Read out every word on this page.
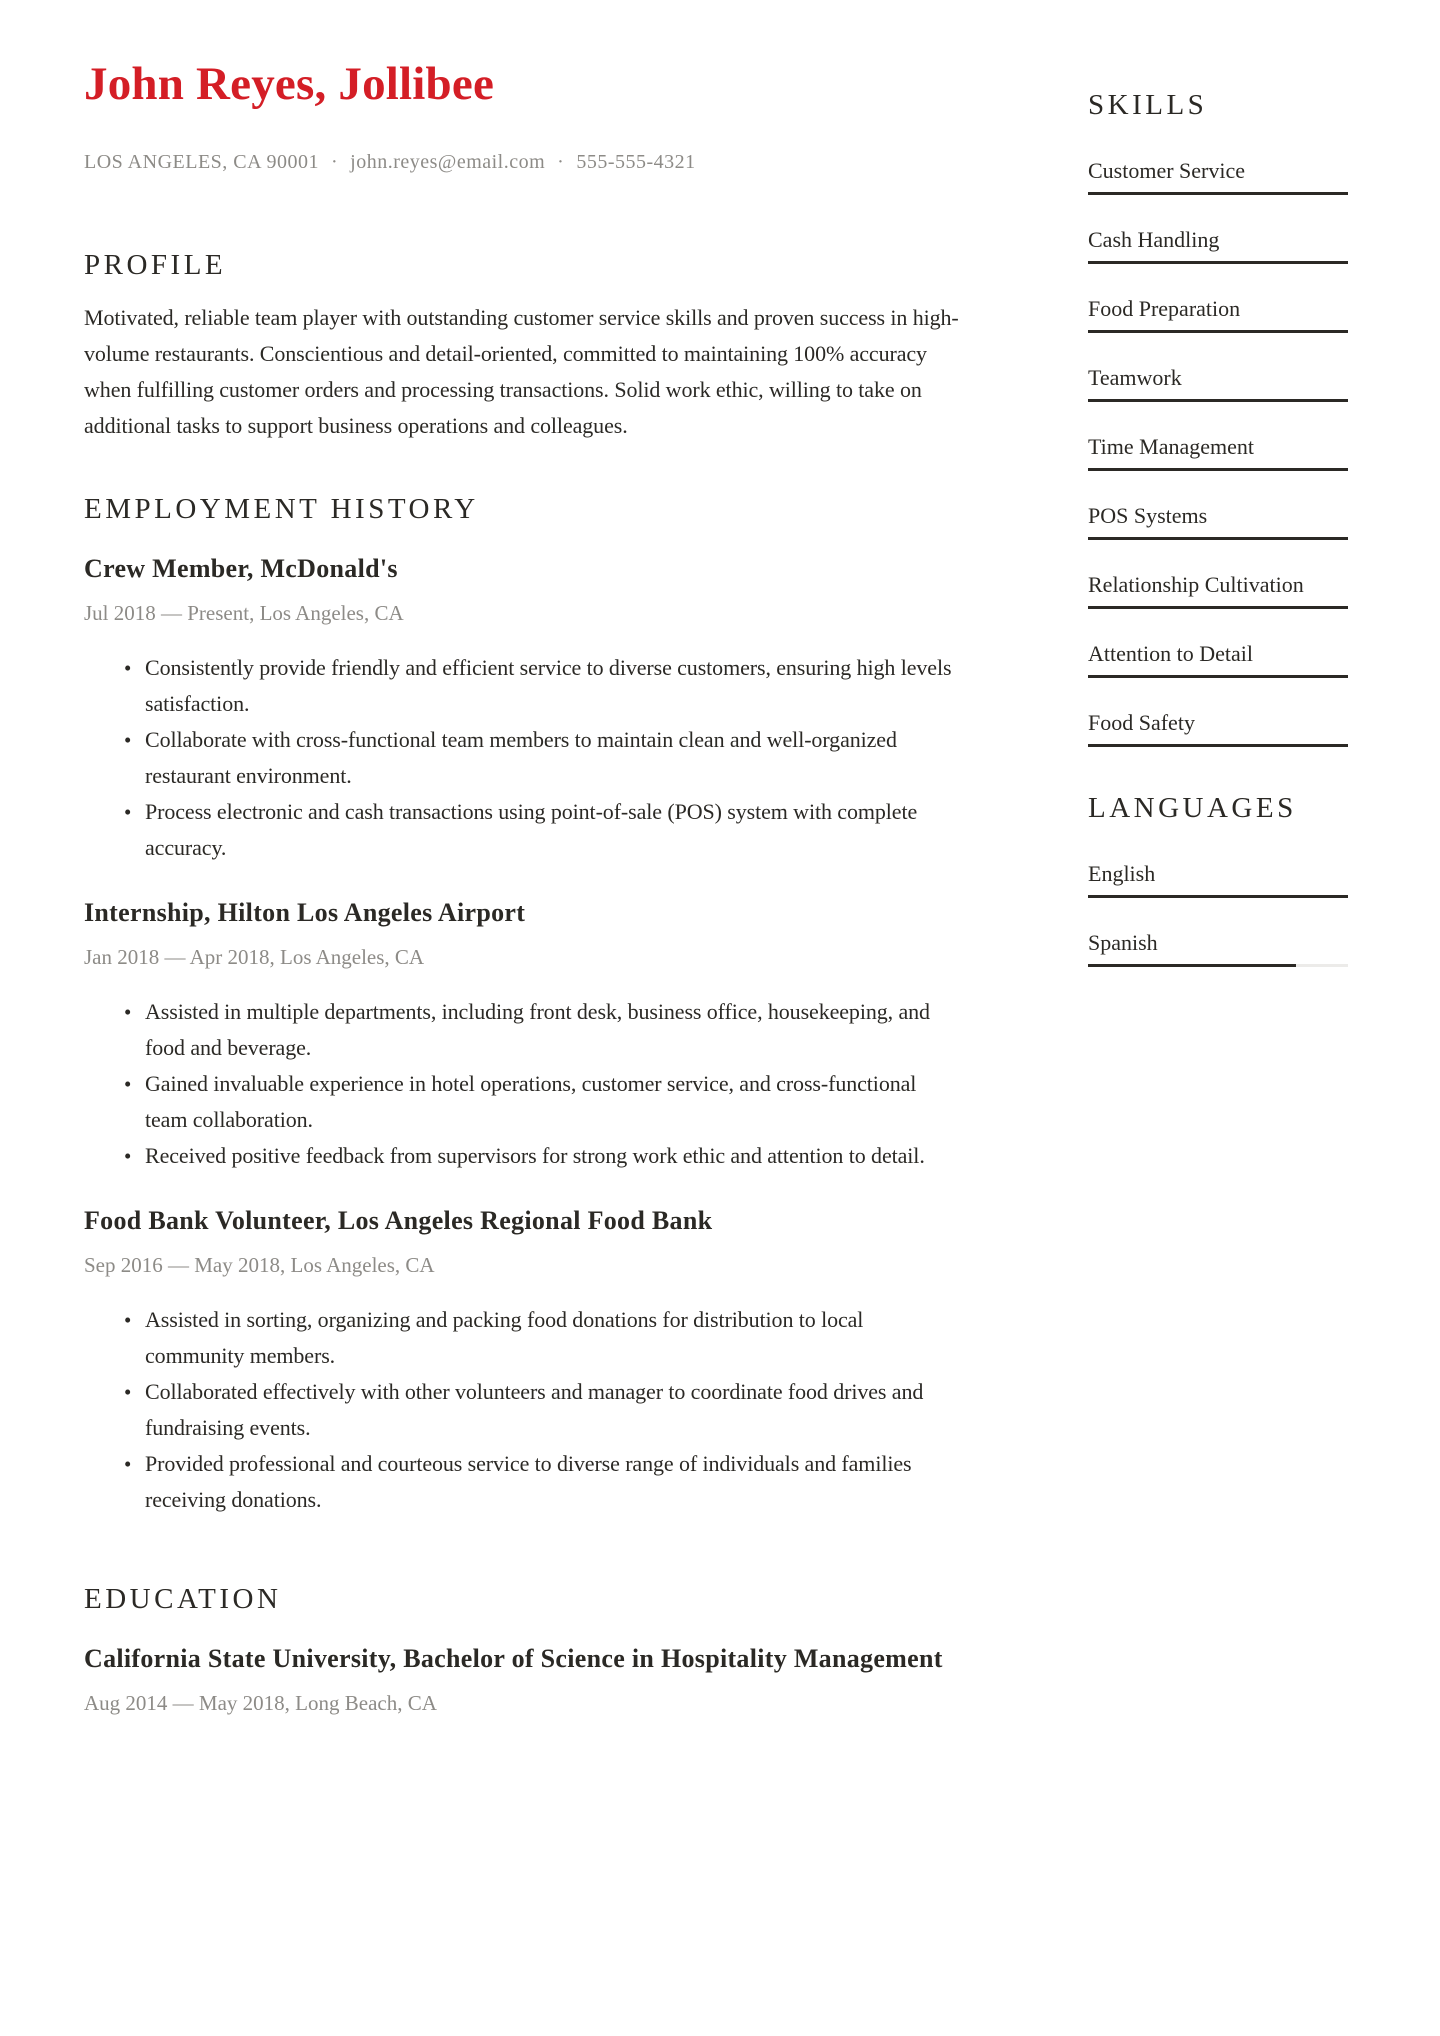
John Reyes, Jollibee
LOS ANGELES, CA 90001 · john.reyes@email.com · 555-555-4321
PROFILE

Motivated, reliable team player with outstanding customer service skills and proven success in high-volume restaurants. Conscientious and detail-oriented, committed to maintaining 100% accuracy when fulfilling customer orders and processing transactions. Solid work ethic, willing to take on additional tasks to support business operations and colleagues.

EMPLOYMENT HISTORY
Crew Member, McDonald's
Jul 2018 — Present, Los Angeles, CA
• Consistently provide friendly and efficient service to diverse customers, ensuring high levels satisfaction.
• Collaborate with cross-functional team members to maintain clean and well-organized restaurant environment.
• Process electronic and cash transactions using point-of-sale (POS) system with complete accuracy.
Internship, Hilton Los Angeles Airport
Jan 2018 — Apr 2018, Los Angeles, CA
• Assisted in multiple departments, including front desk, business office, housekeeping, and food and beverage.
• Gained invaluable experience in hotel operations, customer service, and cross-functional team collaboration.
• Received positive feedback from supervisors for strong work ethic and attention to detail.
Food Bank Volunteer, Los Angeles Regional Food Bank
Sep 2016 — May 2018, Los Angeles, CA
• Assisted in sorting, organizing and packing food donations for distribution to local community members.
• Collaborated effectively with other volunteers and manager to coordinate food drives and fundraising events.
• Provided professional and courteous service to diverse range of individuals and families receiving donations.
EDUCATION
California State University, Bachelor of Science in Hospitality Management
Aug 2014 — May 2018, Long Beach, CA
SKILLS
Customer Service
Cash Handling
Food Preparation
Teamwork
Time Management
POS Systems
Relationship Cultivation
Attention to Detail
Food Safety
LANGUAGES
English
Spanish
